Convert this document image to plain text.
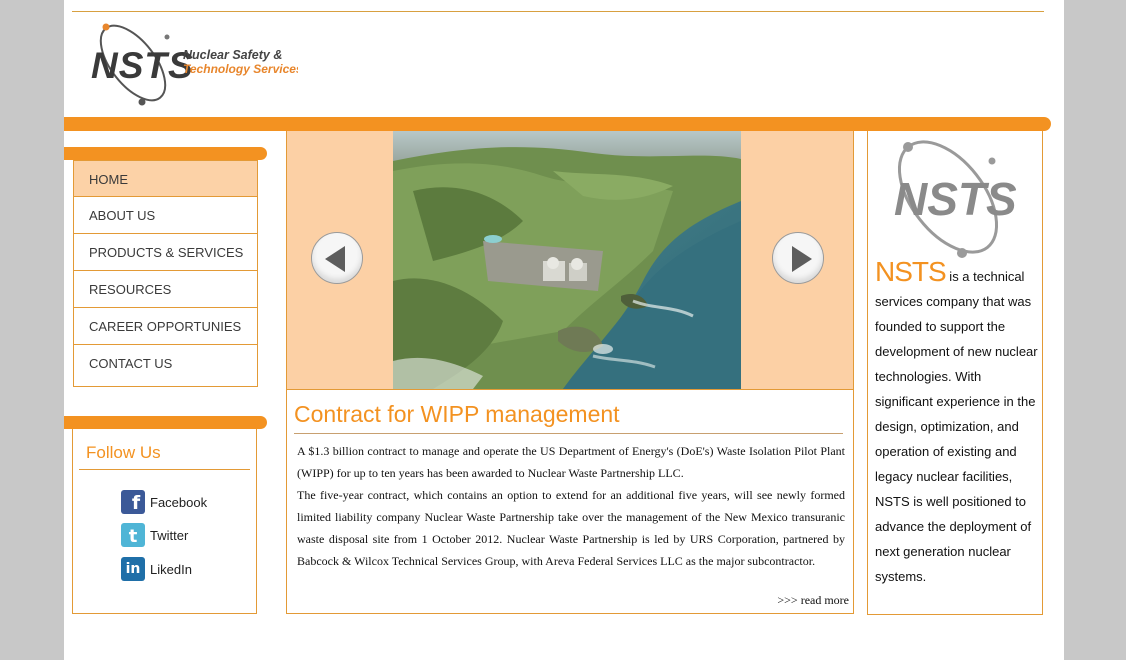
NSTS
Nuclear Safety &
Technology Services
HOME
ABOUT US
PRODUCTS & SERVICES
RESOURCES
CAREER OPPORTUNIES
CONTACT US
Follow Us
f Facebook
t Twitter
in LikedIn
Contract for WIPP management

A $1.3 billion contract to manage and operate the US Department of Energy's (DoE's) Waste Isolation Pilot Plant (WIPP) for up to ten years has been awarded to Nuclear Waste Partnership LLC.

The five-year contract, which contains an option to extend for an additional five years, will see newly formed limited liability company Nuclear Waste Partnership take over the management of the New Mexico transuranic waste disposal site from 1 October 2012. Nuclear Waste Partnership is led by URS Corporation, partnered by Babcock & Wilcox Technical Services Group, with Areva Federal Services LLC as the major subcontractor.

>>> read more
NSTS
NSTS is a technical services company that was founded to support the development of new nuclear technologies. With significant experience in the design, optimization, and operation of existing and legacy nuclear facilities, NSTS is well positioned to advance the deployment of next generation nuclear systems.
